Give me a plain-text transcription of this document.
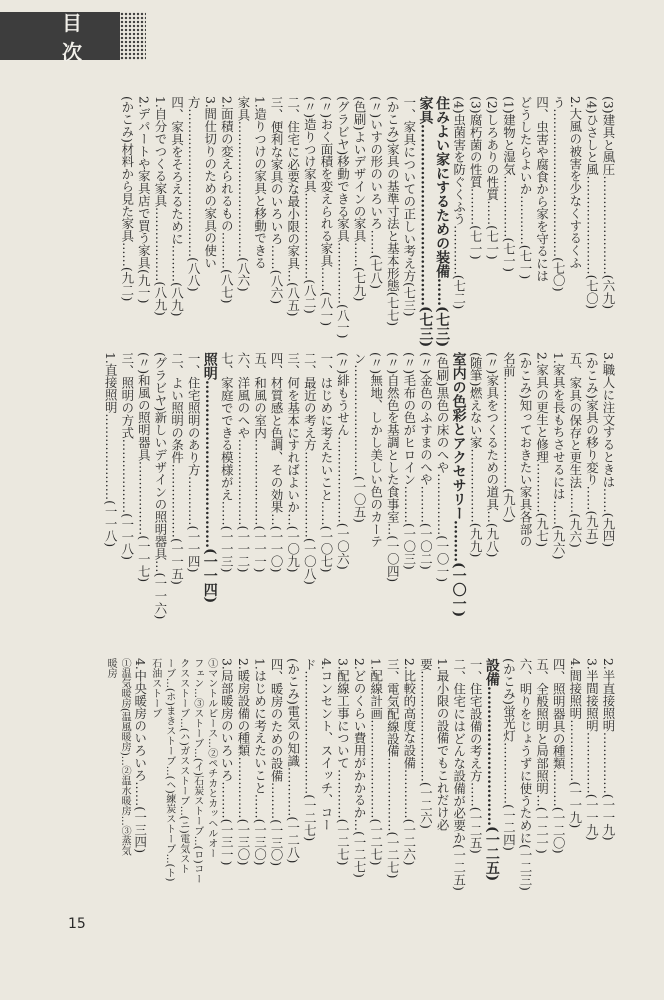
目 次
(3)建具と風圧……………………(六九)
(4)ひさしと風……………………(七〇)
2.大風の被害を少なくするくふ
う………………………………(七〇)
四、虫害や腐食から家を守るには
どうしたらよいか…………(七一)
(1)建物と湿気……………(七一)
(2)しろありの性質……(七一)
(3)腐朽菌の性質………(七一)
(4)虫菌害を防ぐくふう…………(七二)
住みよい家にするための装備……(七三)
家具…………………………………(七三)
一、家具についての正しい考え方(七三)
(かこみ)家具の基準寸法と基本形態(七七)
(〃)いすの形のいろいろ……(七八)
(色刷)よいデザインの家具……(七九)
(グラビヤ)移動できる家具……………(八一)
(〃)おく面積を変えられる家具……(八一)
(〃)造りつけ家具…………………(八二)
二、住宅に必要な最小限の家具…(八五)
三、便利な家具のいろいろ……(八六)
1.造りつけの家具と移動できる
家具……………………………(八六)
2.面積の変えられるもの………(八七)
3.間仕切りのための家具の使い
方………………………………(八八)
四、家具をそろえるために………(八九)
1.自分でつくる家具………………(八九)
2.デパートや家具店で買う家具(九一)
(かこみ)材料から見た家具……(九二)
3.職人に注文するときは……(九四)
(かこみ)家具の移り変り……(九五)
五、家具の保存と更生法……(九六)
1.家具を長もちさせるには……(九六)
2.家具の更生と修理…………(九七)
(かこみ)知っておきたい家具各部の
名前………………………(九八)
(〃)家具をつくるための道具…(九八)
(随筆)燃えない家………………(九九)
室内の色彩とアクセサリー………(一〇一)
(色刷)黒色の床のへや……………(一〇一)
(〃)金色のふすまのへや………(一〇二)
(〃)毛布の色がヒロイン………(一〇三)
(〃)自然色を基調とした食事室…(一〇四)
(〃)無地、しかし美しい色のカーテ
ン………………………(一〇五)
(〃)緋もうせん…………………(一〇六)
一、はじめに考えたいこと……(一〇七)
二、最近の考え方…………………(一〇八)
三、何を基本にすればよいか…(一〇九)
四、材質感と色調、その効果…(一一〇)
五、和風の室内…………………(一一一)
六、洋風のへや…………………(一一二)
七、家庭でできる模様がえ……(一一三)
照明………………………………(一一四)
一、住宅照明のあり方…………(一一四)
二、よい照明の条件………………(一一五)
(グラビヤ)新しいデザインの照明器具…(一一六)
(〃)和風の照明器具………………(一一七)
三、照明の方式………………(一一八)
1.直接照明…………………(一一八)
2.半直接照明……………(一一九)
3.半間接照明……………(一一九)
4.間接照明……………(一一九)
四、照明器具の種類………(一二〇)
五、全般照明と局部照明…(一二一)
六、明りをじょうずに使うために(一二三)
(かこみ)蛍光灯……………(一二四)
設備…………………………(一二五)
一、住宅設備の考え方……(一二五)
二、住宅にはどんな設備が必要か(一二五)
1.最小限の設備でもこれだけ必
要………………………(一二六)
2.比較的高度な設備…………(一二六)
三、電気配線設備………………(一二七)
1.配線計画……………………(一二七)
2.どのくらい費用がかかるか…(一二七)
3.配線工事について…………(一二七)
4.コンセント、スイッチ、コー
ド…………………………(一二七)
(かこみ)電気の知識…………(一二八)
四、暖房のための設備………(一三〇)
1.はじめに考えたいこと……(一三〇)
2.暖房設備の種類……………(一三〇)
3.局部暖房のいろいろ………(一三一)
①マントルピース…②ペチカとカッヘルオー
フェン…③ストーブ…(イ)石炭ストーブ…(ロ)コー
クスストーブ…(ハ)ガスストーブ…(ニ)電気スト
ーブ…(ホ)まきストーブ…(ヘ)練炭ストーブ…(ト)
石油ストーブ
4.中央暖房のいろいろ……(一三四)
①温気暖房(温風暖房)…②温水暖房…③蒸気
暖房
15
